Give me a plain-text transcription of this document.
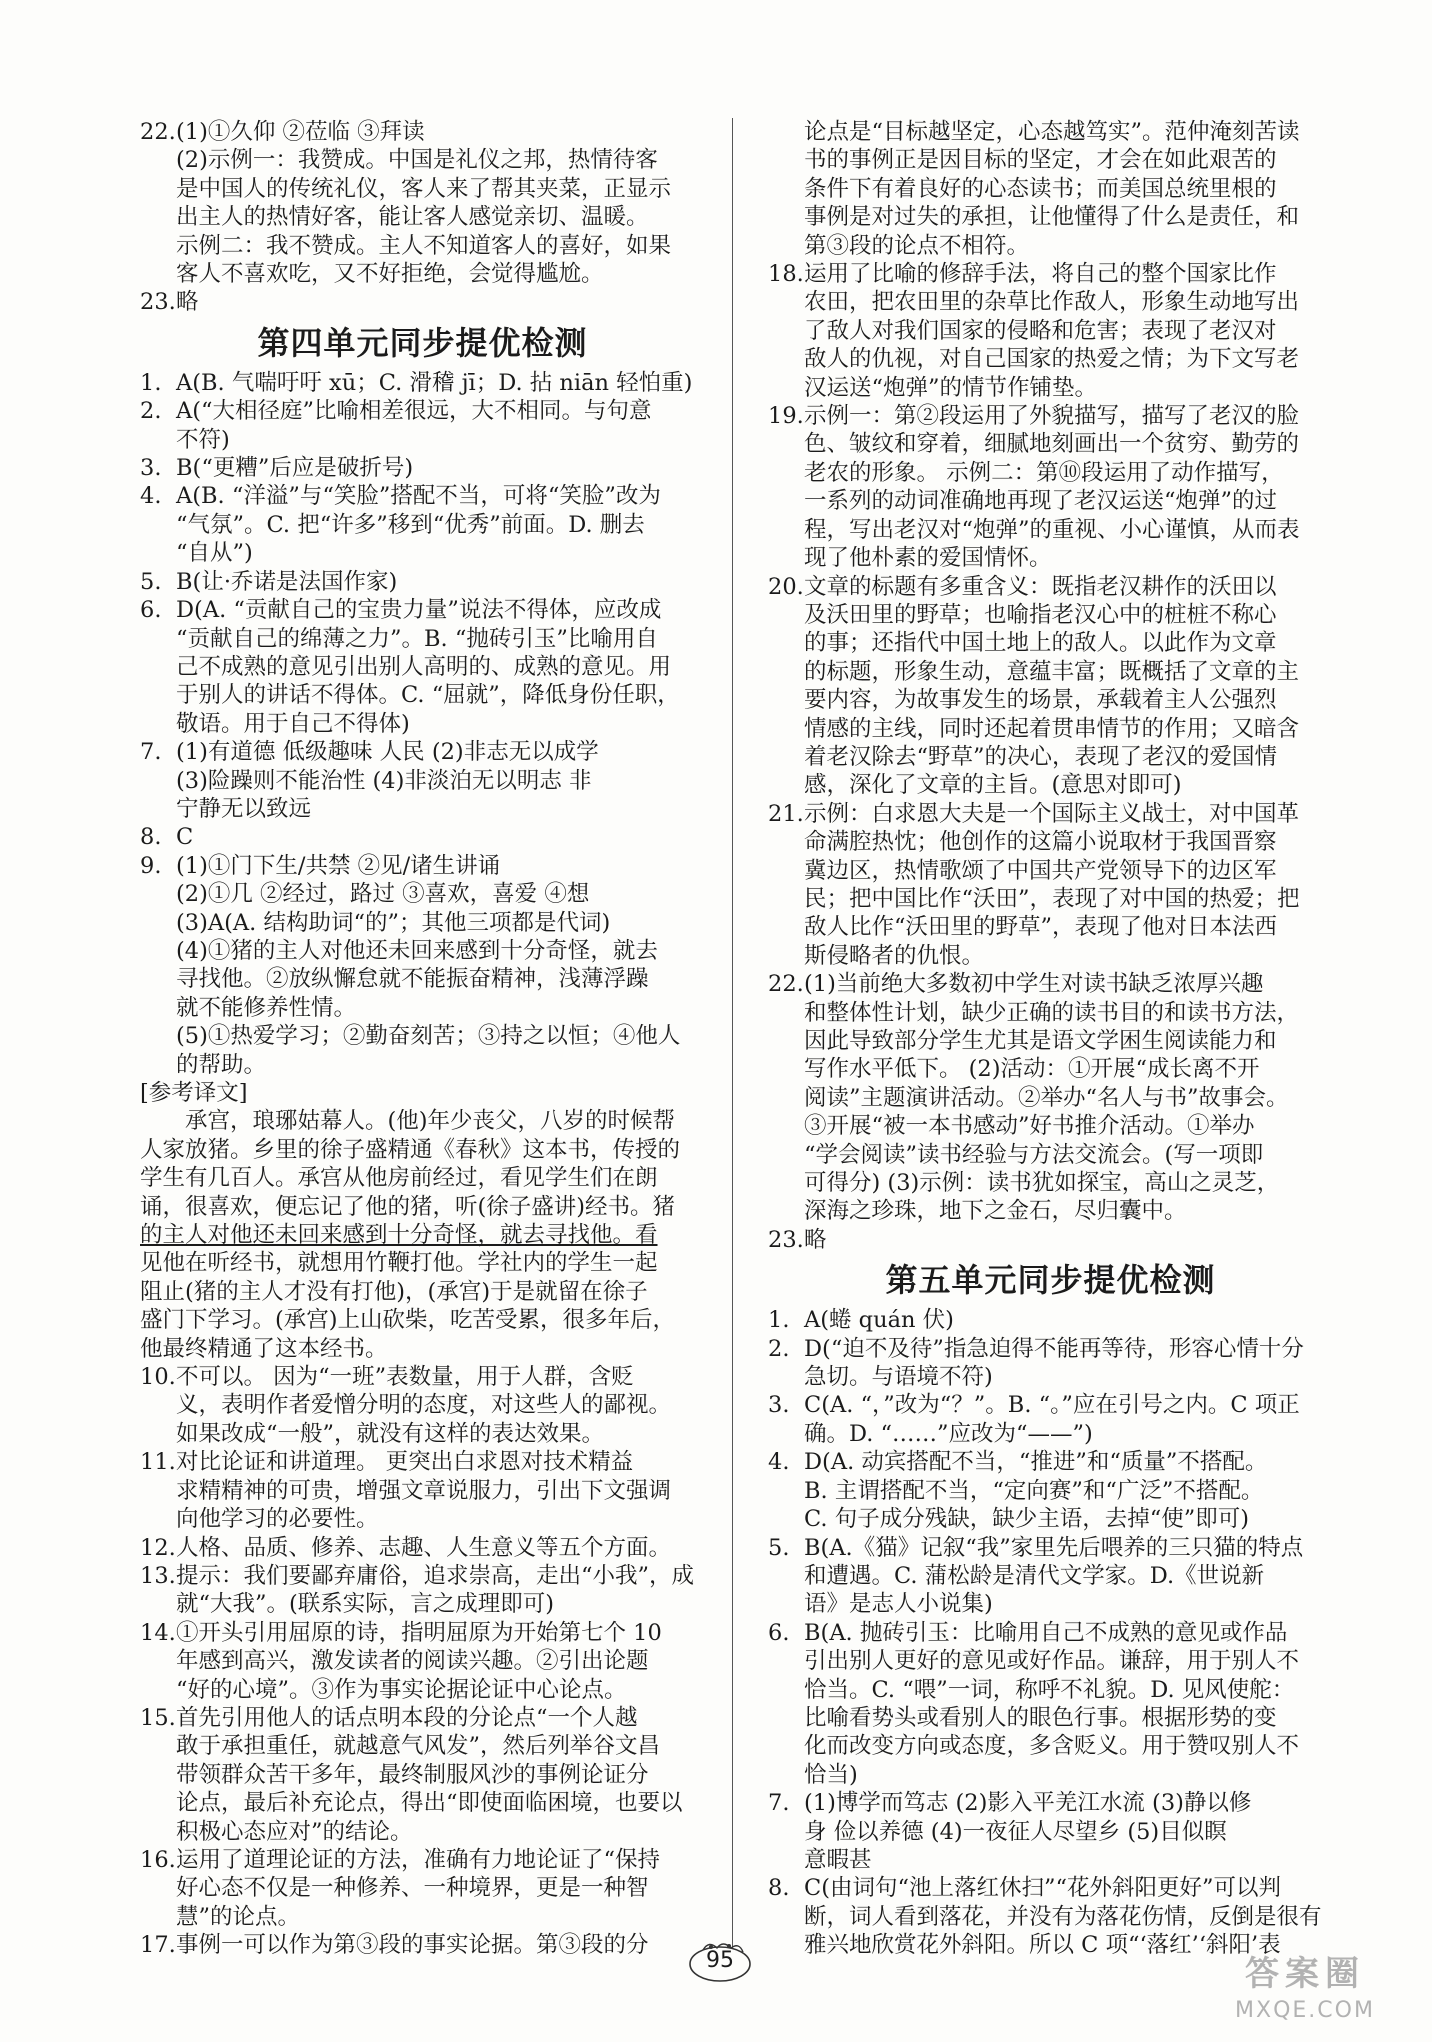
22. (1)①久仰 ②莅临 ③拜读
(2)示例一：我赞成。中国是礼仪之邦，热情待客
是中国人的传统礼仪，客人来了帮其夹菜，正显示
出主人的热情好客，能让客人感觉亲切、温暖。
示例二：我不赞成。主人不知道客人的喜好，如果
客人不喜欢吃，又不好拒绝，会觉得尴尬。
23. 略
第四单元同步提优检测
1. A(B. 气喘吁吁 xū；C. 滑稽 jī；D. 拈 niān 轻怕重)
2. A(“大相径庭”比喻相差很远，大不相同。与句意
不符)
3. B(“更糟”后应是破折号)
4. A(B. “洋溢”与“笑脸”搭配不当，可将“笑脸”改为
“气氛”。C. 把“许多”移到“优秀”前面。D. 删去
“自从”)
5. B(让·乔诺是法国作家)
6. D(A. “贡献自己的宝贵力量”说法不得体，应改成
“贡献自己的绵薄之力”。B. “抛砖引玉”比喻用自
己不成熟的意见引出别人高明的、成熟的意见。用
于别人的讲话不得体。C. “屈就”，降低身份任职，
敬语。用于自己不得体)
7. (1)有道德 低级趣味 人民 (2)非志无以成学
(3)险躁则不能治性 (4)非淡泊无以明志 非
宁静无以致远
8. C
9. (1)①门下生/共禁 ②见/诸生讲诵
(2)①几 ②经过，路过 ③喜欢，喜爱 ④想
(3)A(A. 结构助词“的”；其他三项都是代词)
(4)①猪的主人对他还未回来感到十分奇怪，就去
寻找他。②放纵懈怠就不能振奋精神，浅薄浮躁
就不能修养性情。
(5)①热爱学习；②勤奋刻苦；③持之以恒；④他人
的帮助。
[参考译文]
承宫，琅琊姑幕人。(他)年少丧父，八岁的时候帮
人家放猪。乡里的徐子盛精通《春秋》这本书，传授的
学生有几百人。承宫从他房前经过，看见学生们在朗
诵，很喜欢，便忘记了他的猪，听(徐子盛讲)经书。猪
的主人对他还未回来感到十分奇怪，就去寻找他。看
见他在听经书，就想用竹鞭打他。学社内的学生一起
阻止(猪的主人才没有打他)，(承宫)于是就留在徐子
盛门下学习。(承宫)上山砍柴，吃苦受累，很多年后，
他最终精通了这本经书。
10. 不可以。 因为“一班”表数量，用于人群，含贬
义，表明作者爱憎分明的态度，对这些人的鄙视。
如果改成“一般”，就没有这样的表达效果。
11. 对比论证和讲道理。 更突出白求恩对技术精益
求精精神的可贵，增强文章说服力，引出下文强调
向他学习的必要性。
12. 人格、品质、修养、志趣、人生意义等五个方面。
13. 提示：我们要鄙弃庸俗，追求崇高，走出“小我”，成
就“大我”。(联系实际，言之成理即可)
14. ①开头引用屈原的诗，指明屈原为开始第七个 10
年感到高兴，激发读者的阅读兴趣。②引出论题
“好的心境”。③作为事实论据论证中心论点。
15. 首先引用他人的话点明本段的分论点“一个人越
敢于承担重任，就越意气风发”，然后列举谷文昌
带领群众苦干多年，最终制服风沙的事例论证分
论点，最后补充论点，得出“即使面临困境，也要以
积极心态应对”的结论。
16. 运用了道理论证的方法，准确有力地论证了“保持
好心态不仅是一种修养、一种境界，更是一种智
慧”的论点。
17. 事例一可以作为第③段的事实论据。第③段的分
论点是“目标越坚定，心态越笃实”。范仲淹刻苦读
书的事例正是因目标的坚定，才会在如此艰苦的
条件下有着良好的心态读书；而美国总统里根的
事例是对过失的承担，让他懂得了什么是责任，和
第③段的论点不相符。
18. 运用了比喻的修辞手法，将自己的整个国家比作
农田，把农田里的杂草比作敌人，形象生动地写出
了敌人对我们国家的侵略和危害；表现了老汉对
敌人的仇视，对自己国家的热爱之情；为下文写老
汉运送“炮弹”的情节作铺垫。
19. 示例一：第②段运用了外貌描写，描写了老汉的脸
色、皱纹和穿着，细腻地刻画出一个贫穷、勤劳的
老农的形象。 示例二：第⑩段运用了动作描写，
一系列的动词准确地再现了老汉运送“炮弹”的过
程，写出老汉对“炮弹”的重视、小心谨慎，从而表
现了他朴素的爱国情怀。
20. 文章的标题有多重含义：既指老汉耕作的沃田以
及沃田里的野草；也喻指老汉心中的桩桩不称心
的事；还指代中国土地上的敌人。以此作为文章
的标题，形象生动，意蕴丰富；既概括了文章的主
要内容，为故事发生的场景，承载着主人公强烈
情感的主线，同时还起着贯串情节的作用；又暗含
着老汉除去“野草”的决心，表现了老汉的爱国情
感，深化了文章的主旨。(意思对即可)
21. 示例：白求恩大夫是一个国际主义战士，对中国革
命满腔热忱；他创作的这篇小说取材于我国晋察
冀边区，热情歌颂了中国共产党领导下的边区军
民；把中国比作“沃田”，表现了对中国的热爱；把
敌人比作“沃田里的野草”，表现了他对日本法西
斯侵略者的仇恨。
22. (1)当前绝大多数初中学生对读书缺乏浓厚兴趣
和整体性计划，缺少正确的读书目的和读书方法，
因此导致部分学生尤其是语文学困生阅读能力和
写作水平低下。 (2)活动：①开展“成长离不开
阅读”主题演讲活动。②举办“名人与书”故事会。
③开展“被一本书感动”好书推介活动。①举办
“学会阅读”读书经验与方法交流会。(写一项即
可得分) (3)示例：读书犹如探宝，高山之灵芝，
深海之珍珠，地下之金石，尽归囊中。
23. 略
第五单元同步提优检测
1. A(蜷 quán 伏)
2. D(“迫不及待”指急迫得不能再等待，形容心情十分
急切。与语境不符)
3. C(A. “，”改为“？”。B. “。”应在引号之内。C 项正
确。D. “……”应改为“——”)
4. D(A. 动宾搭配不当，“推进”和“质量”不搭配。
B. 主谓搭配不当，“定向赛”和“广泛”不搭配。
C. 句子成分残缺，缺少主语，去掉“使”即可)
5. B(A.《猫》记叙“我”家里先后喂养的三只猫的特点
和遭遇。C. 蒲松龄是清代文学家。D.《世说新
语》是志人小说集)
6. B(A. 抛砖引玉：比喻用自己不成熟的意见或作品
引出别人更好的意见或好作品。谦辞，用于别人不
恰当。C. “喂”一词，称呼不礼貌。D. 见风使舵：
比喻看势头或看别人的眼色行事。根据形势的变
化而改变方向或态度，多含贬义。用于赞叹别人不
恰当)
7. (1)博学而笃志 (2)影入平羌江水流 (3)静以修
身 俭以养德 (4)一夜征人尽望乡 (5)目似瞑
意暇甚
8. C(由词句“池上落红休扫”“花外斜阳更好”可以判
断，词人看到落花，并没有为落花伤情，反倒是很有
雅兴地欣赏花外斜阳。所以 C 项“‘落红’‘斜阳’表
95	答案圈
MXQE.COM
